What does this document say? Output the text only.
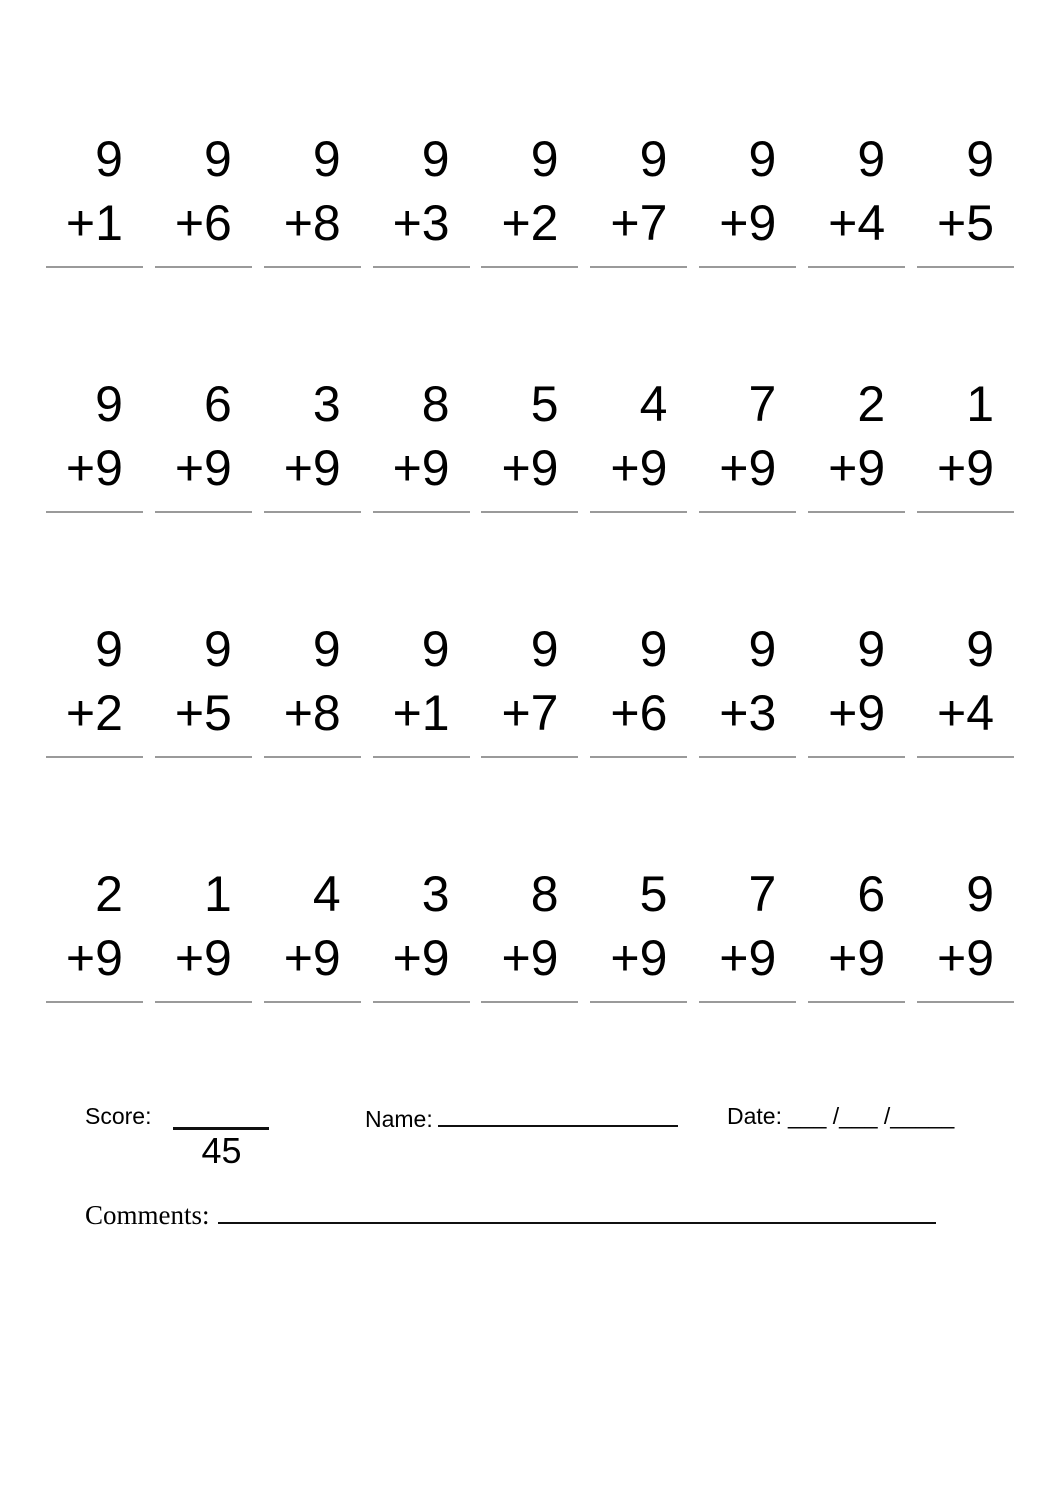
9
+1
9
+6
9
+8
9
+3
9
+2
9
+7
9
+9
9
+4
9
+5
9
+9
6
+9
3
+9
8
+9
5
+9
4
+9
7
+9
2
+9
1
+9
9
+2
9
+5
9
+8
9
+1
9
+7
9
+6
9
+3
9
+9
9
+4
2
+9
1
+9
4
+9
3
+9
8
+9
5
+9
7
+9
6
+9
9
+9
Score:
45
Name:	Date: ___ /___ /_____
Comments:
